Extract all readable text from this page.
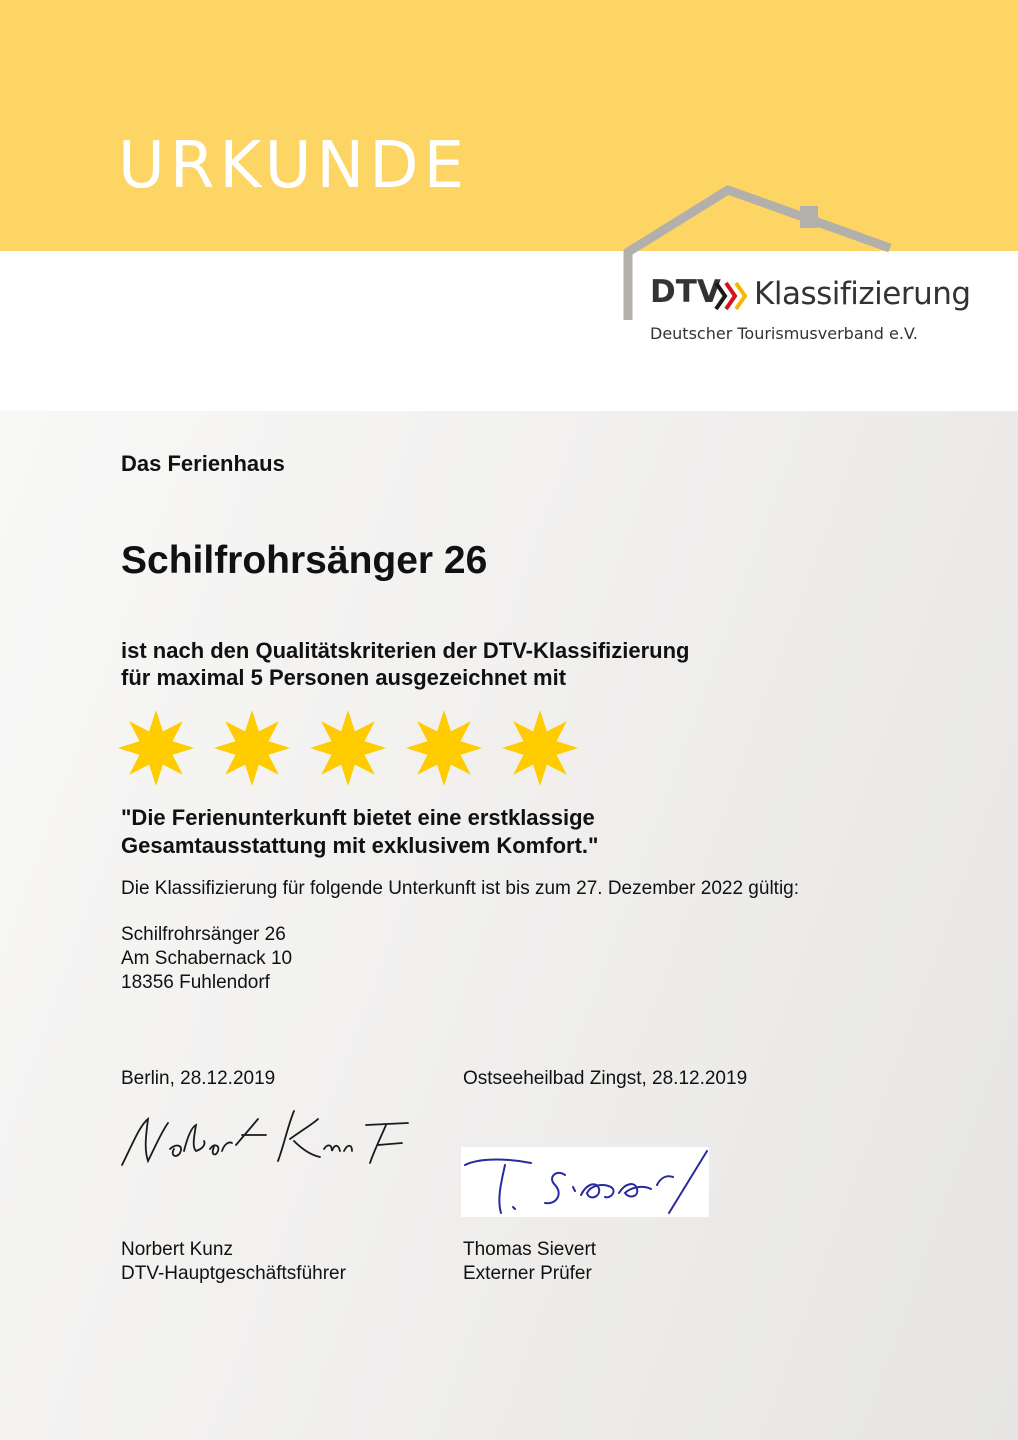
URKUNDE
DTV Klassifizierung
Deutscher Tourismusverband e.V.
Das Ferienhaus
Schilfrohrsänger 26
ist nach den Qualitätskriterien der DTV-Klassifizierung
für maximal 5 Personen ausgezeichnet mit
"Die Ferienunterkunft bietet eine erstklassige
Gesamtausstattung mit exklusivem Komfort."
Die Klassifizierung für folgende Unterkunft ist bis zum 27. Dezember 2022 gültig:
Schilfrohrsänger 26
Am Schabernack 10
18356 Fuhlendorf
Berlin, 28.12.2019	Ostseeheilbad Zingst, 28.12.2019
Norbert Kunz
DTV-Hauptgeschäftsführer
Thomas Sievert
Externer Prüfer
